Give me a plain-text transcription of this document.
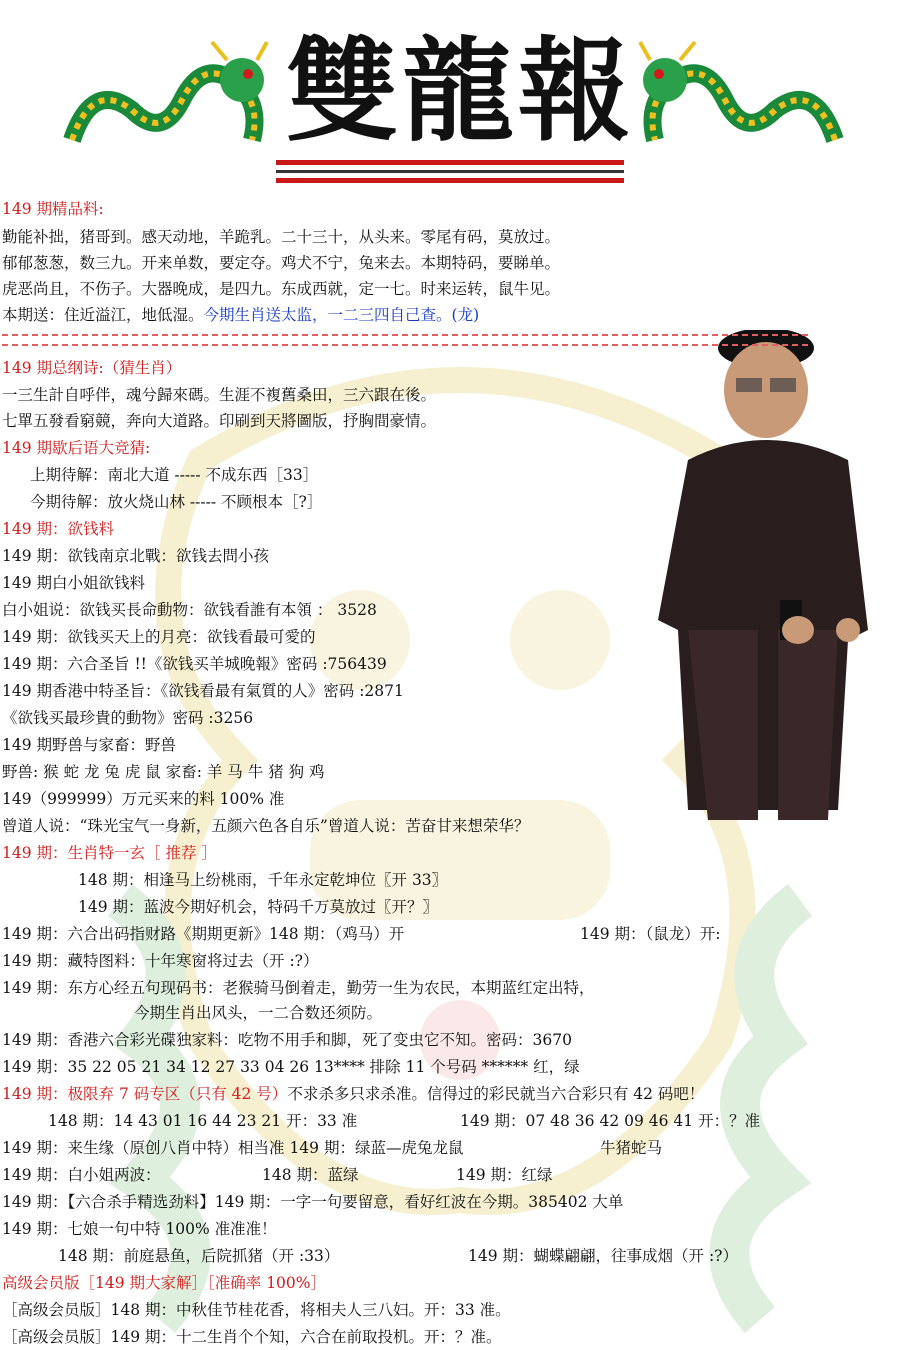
雙龍報
149 期精品料:
勤能补拙，猪哥到。感天动地，羊跪乳。二十三十，从头来。零尾有码，莫放过。
郁郁葱葱，数三九。开来单数，要定夺。鸡犬不宁，兔来去。本期特码，要睇单。
虎恶尚且，不伤子。大器晚成，是四九。东成西就，定一七。时来运转，鼠牛见。
本期送：住近溢江，地低湿。今期生肖送太监，一二三四自己查。(龙)
149 期总纲诗:（猜生肖）
一三生計自呼伴，魂兮歸來碼。生涯不複舊桑田，三六跟在後。
七單五發看窮競，奔向大道路。印刷到天將圖版，抒胸間豪情。
149 期歇后语大竞猜:
上期待解：南北大道 ----- 不成东西［33］
今期待解：放火烧山林 ----- 不顾根本［?］
149 期：欲钱料
149 期：欲钱南京北戰：欲钱去問小孩
149 期白小姐欲钱料
白小姐说：欲钱买長命動物：欲钱看誰有本領 ： 3528
149 期：欲钱买天上的月亮：欲钱看最可愛的
149 期：六合圣旨 !!《欲钱买羊城晚報》密码 :756439
149 期香港中特圣旨：《欲钱看最有氣質的人》密码 :2871
《欲钱买最珍貴的動物》密码 :3256
149 期野兽与家畜：野兽
野兽: 猴 蛇 龙 兔 虎 鼠 家畜: 羊 马 牛 猪 狗 鸡
149（999999）万元买来的料 100% 准
曾道人说：“珠光宝气一身新，五颜六色各自乐”曾道人说：苦奋甘来想荣华？
149 期：生肖特一玄［ 推荐 ］
148 期：相逢马上纷桃雨，千年永定乾坤位〖开 33〗
149 期：蓝波今期好机会，特码千万莫放过〖开？〗
149 期：六合出码指财路《期期更新》148 期：（鸡马）开	149 期：（鼠龙）开:
149 期：藏特图料：十年寒窗将过去（开 :?）
149 期：东方心经五句现码书：老猴骑马倒着走，勤劳一生为农民，本期蓝红定出特，
今期生肖出风头，一二合数还须防。
149 期：香港六合彩光碟独家料：吃物不用手和脚，死了变虫它不知。密码：3670
149 期：35 22 05 21 34 12 27 33 04 26 13**** 排除 11 个号码 ****** 红，绿
149 期：极限弃 7 码专区（只有 42 号）不求杀多只求杀准。信得过的彩民就当六合彩只有 42 码吧！
148 期：14 43 01 16 44 23 21 开：33 准	149 期：07 48 36 42 09 46 41 开：？准
149 期：来生缘（原创八肖中特）相当准 149 期：绿蓝—虎兔龙鼠	牛猪蛇马
149 期：白小姐两波：	148 期：蓝绿	149 期：红绿
149 期：【六合杀手精选劲料】149 期：一字一句要留意，看好红波在今期。385402 大单
149 期：七娘一句中特 100% 准准准！
148 期：前庭悬鱼，后院抓猪（开 :33）	149 期：蝴蝶翩翩，往事成烟（开 :?）
高级会员版［149 期大家解］［准确率 100%］
［高级会员版］148 期：中秋佳节桂花香，将相夫人三八妇。开：33 准。
［高级会员版］149 期：十二生肖个个知，六合在前取投机。开：？准。
